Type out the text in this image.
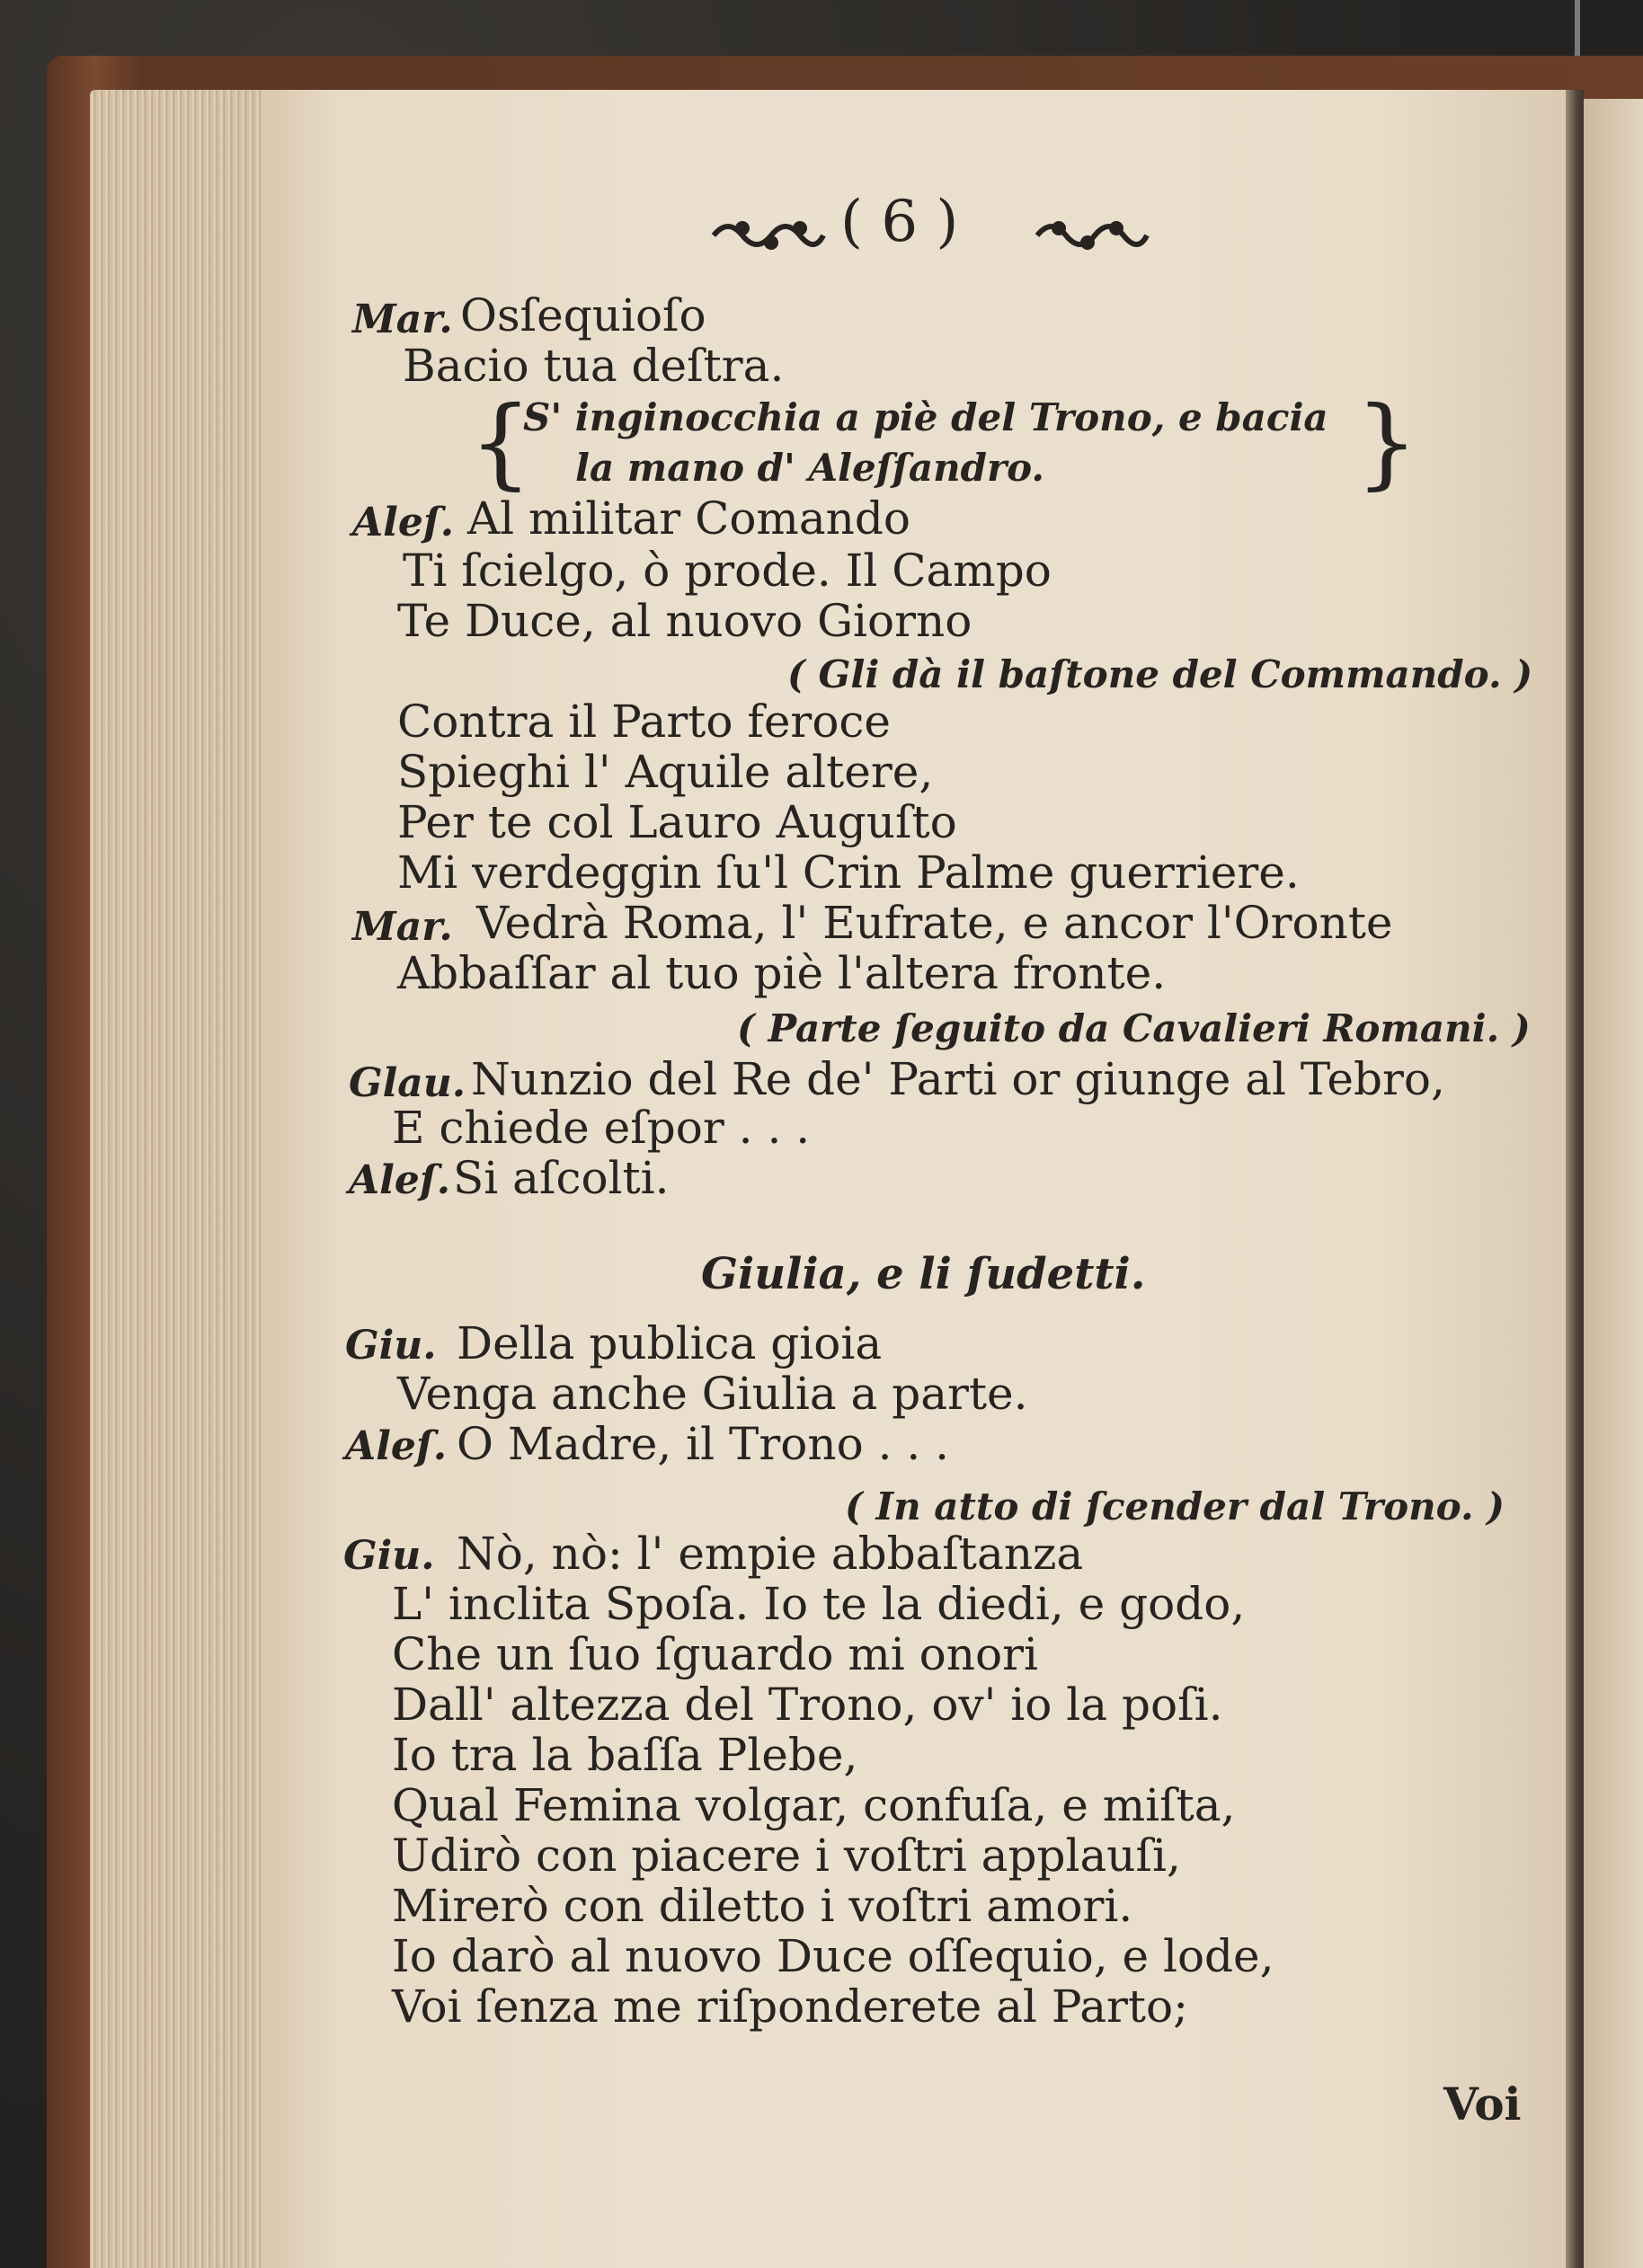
( 6 )
Mar. Osſequioſo
Bacio tua deſtra.
{
S' inginocchia a piè del Trono, e bacia
la mano d' Aleſſandro.	}
Aleſ. Al militar Comando
Ti ſcielgo, ò prode. Il Campo
Te Duce, al nuovo Giorno
( Gli dà il baſtone del Commando. )
Contra il Parto feroce
Spieghi l' Aquile altere,
Per te col Lauro Auguſto
Mi verdeggin ſu'l Crin Palme guerriere.
Mar. Vedrà Roma, l' Eufrate, e ancor l'Oronte
Abbaſſar al tuo piè l'altera fronte.
( Parte ſeguito da Cavalieri Romani. )
Glau. Nunzio del Re de' Parti or giunge al Tebro,
E chiede eſpor . . .
Aleſ. Si aſcolti.
Giulia, e li ſudetti.
Giu. Della publica gioia
Venga anche Giulia a parte.
Aleſ. O Madre, il Trono . . .
( In atto di ſcender dal Trono. )
Giu. Nò, nò: l' empie abbaſtanza
L' inclita Spoſa. Io te la diedi, e godo,
Che un ſuo ſguardo mi onori
Dall' altezza del Trono, ov' io la poſi.
Io tra la baſſa Plebe,
Qual Femina volgar, confuſa, e miſta,
Udirò con piacere i voſtri applauſi,
Mirerò con diletto i voſtri amori.
Io darò al nuovo Duce oſſequio, e lode,
Voi ſenza me riſponderete al Parto;
Voi
